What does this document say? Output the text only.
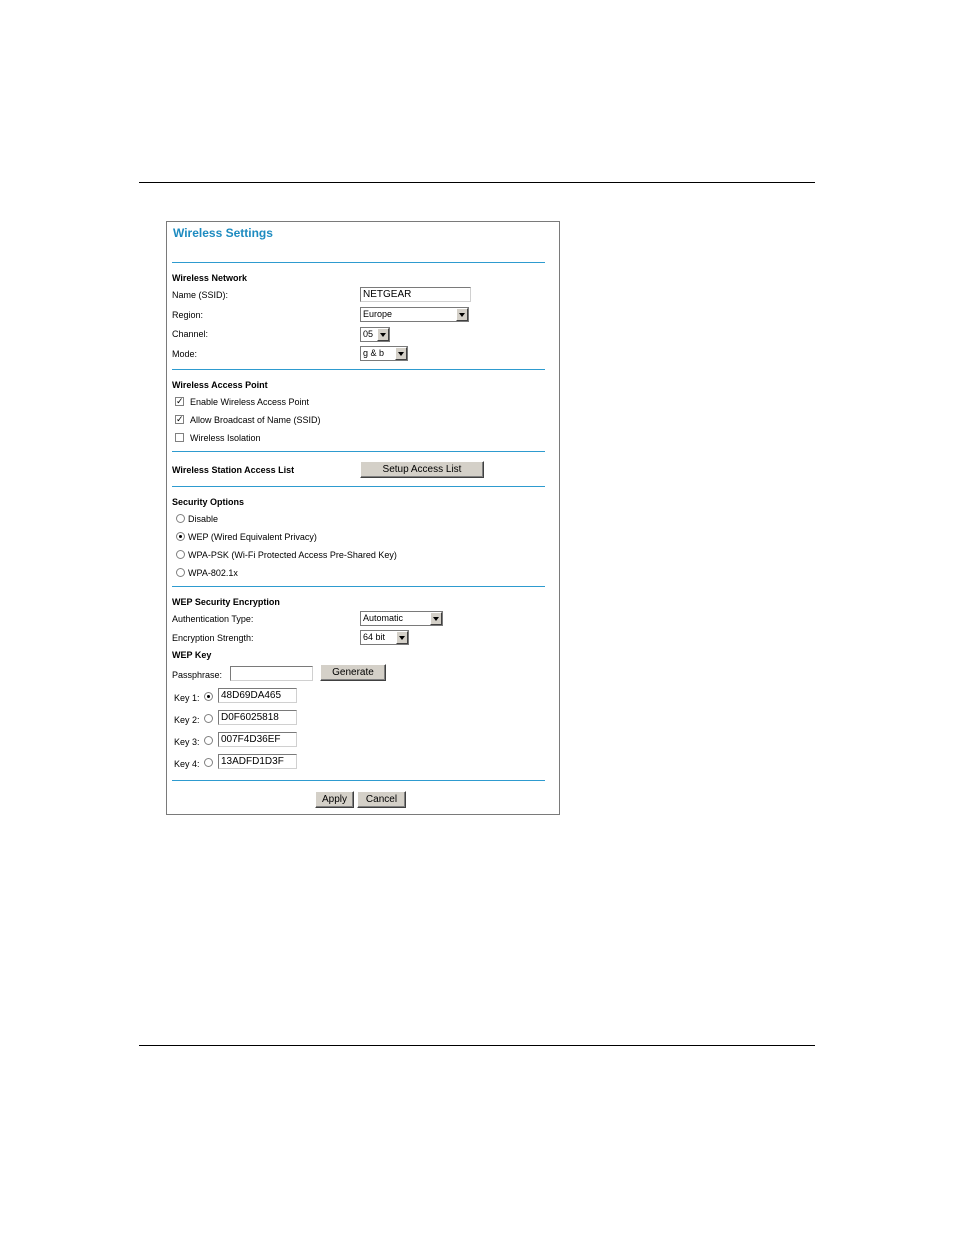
Wireless Settings
Wireless Network
Name (SSID):	NETGEAR
Region:	Europe
Channel:	05
Mode:	g & b
Wireless Access Point
✓ Enable Wireless Access Point
✓ Allow Broadcast of Name (SSID)
Wireless Isolation
Wireless Station Access List	Setup Access List
Security Options
Disable
WEP (Wired Equivalent Privacy)
WPA-PSK (Wi-Fi Protected Access Pre-Shared Key)
WPA-802.1x
WEP Security Encryption
Authentication Type:	Automatic
Encryption Strength:	64 bit
WEP Key
Passphrase:	Generate
Key 1:	48D69DA465
Key 2:	D0F6025818
Key 3:	007F4D36EF
Key 4:	13ADFD1D3F
Apply	Cancel
